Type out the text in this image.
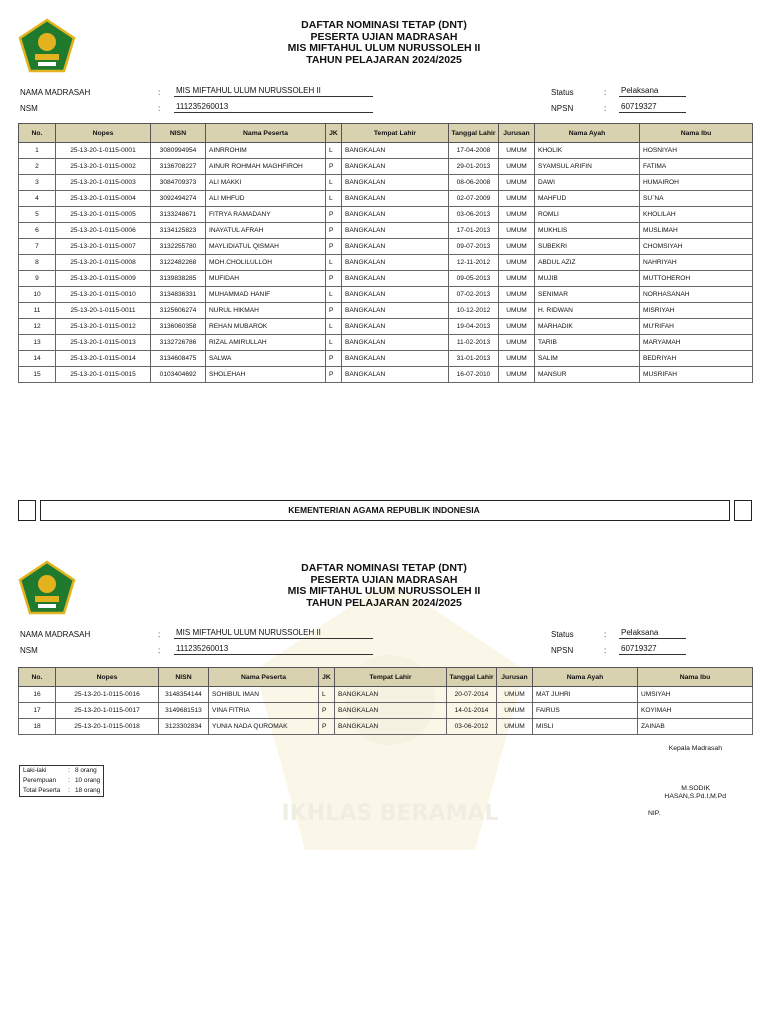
DAFTAR NOMINASI TETAP (DNT)
PESERTA UJIAN MADRASAH
MIS MIFTAHUL ULUM NURUSSOLEH II
TAHUN PELAJARAN 2024/2025
NAMA MADRASAH	: MIS MIFTAHUL ULUM NURUSSOLEH II
NSM	: 111235260013
Status	: Pelaksana
NPSN	: 60719327
No.	Nopes	NISN	Nama Peserta	JK	Tempat Lahir	Tanggal Lahir	Jurusan	Nama Ayah	Nama Ibu
1	25-13-20-1-0115-0001	3080994954	AINRROHIM	L	BANGKALAN	17-04-2008	UMUM	KHOLIK	HOSNIYAH
2	25-13-20-1-0115-0002	3136708227	AINUR ROHMAH MAGHFIROH	P	BANGKALAN	29-01-2013	UMUM	SYAMSUL ARIFIN	FATIMA
3	25-13-20-1-0115-0003	3084709373	ALI MAKKI	L	BANGKALAN	08-06-2008	UMUM	DAWI	HUMAIROH
4	25-13-20-1-0115-0004	3092494274	ALI MHFUD	L	BANGKALAN	02-07-2009	UMUM	MAHFUD	SU`NA
5	25-13-20-1-0115-0005	3133248671	FITRYA RAMADANY	P	BANGKALAN	03-06-2013	UMUM	ROMLI	KHOLILAH
6	25-13-20-1-0115-0006	3134125823	INAYATUL AFRAH	P	BANGKALAN	17-01-2013	UMUM	MUKHLIS	MUSLIMAH
7	25-13-20-1-0115-0007	3132255780	MAYLIDIATUL QISMAH	P	BANGKALAN	09-07-2013	UMUM	SUBEKRI	CHOMSIYAH
8	25-13-20-1-0115-0008	3122482268	MOH.CHOLILULLOH	L	BANGKALAN	12-11-2012	UMUM	ABDUL AZIZ	NAHRIYAH
9	25-13-20-1-0115-0009	3139838285	MUFIDAH	P	BANGKALAN	09-05-2013	UMUM	MUJIB	MUTTOHEROH
10	25-13-20-1-0115-0010	3134836331	MUHAMMAD HANIF	L	BANGKALAN	07-02-2013	UMUM	SENIMAR	NORHASANAH
11	25-13-20-1-0115-0011	3125606274	NURUL HIKMAH	P	BANGKALAN	10-12-2012	UMUM	H. RIDWAN	MISRIYAH
12	25-13-20-1-0115-0012	3136060358	REHAN MUBAROK	L	BANGKALAN	19-04-2013	UMUM	MARHADIK	MU'RIFAH
13	25-13-20-1-0115-0013	3132726786	RIZAL AMIRULLAH	L	BANGKALAN	11-02-2013	UMUM	TARIB	MARYAMAH
14	25-13-20-1-0115-0014	3134608475	SALWA	P	BANGKALAN	31-01-2013	UMUM	SALIM	BEDRIYAH
15	25-13-20-1-0115-0015	0103404692	SHOLEHAH	P	BANGKALAN	16-07-2010	UMUM	MANSUR	MUSRIFAH
KEMENTERIAN AGAMA REPUBLIK INDONESIA
IKHLAS BERAMAL
DAFTAR NOMINASI TETAP (DNT)
PESERTA UJIAN MADRASAH
MIS MIFTAHUL ULUM NURUSSOLEH II
TAHUN PELAJARAN 2024/2025
NAMA MADRASAH	: MIS MIFTAHUL ULUM NURUSSOLEH II
NSM	: 111235260013
Status	: Pelaksana
NPSN	: 60719327
No.	Nopes	NISN	Nama Peserta	JK	Tempat Lahir	Tanggal Lahir	Jurusan	Nama Ayah	Nama Ibu
16	25-13-20-1-0115-0016	3148354144	SOHIBUL IMAN	L	BANGKALAN	20-07-2014	UMUM	MAT JUHRI	UMSIYAH
17	25-13-20-1-0115-0017	3149681513	VINA FITRIA	P	BANGKALAN	14-01-2014	UMUM	FAIRUS	KOYIMAH
18	25-13-20-1-0115-0018	3123302834	YUNIA NADA QUROMAK	P	BANGKALAN	03-06-2012	UMUM	MISLI	ZAINAB
Laki-laki	: 8 orang
Perempuan	: 10 orang
Total Peserta	: 18 orang
Kepala Madrasah
M.SODIK
HASAN,S.Pd.I,M.Pd
NIP.
